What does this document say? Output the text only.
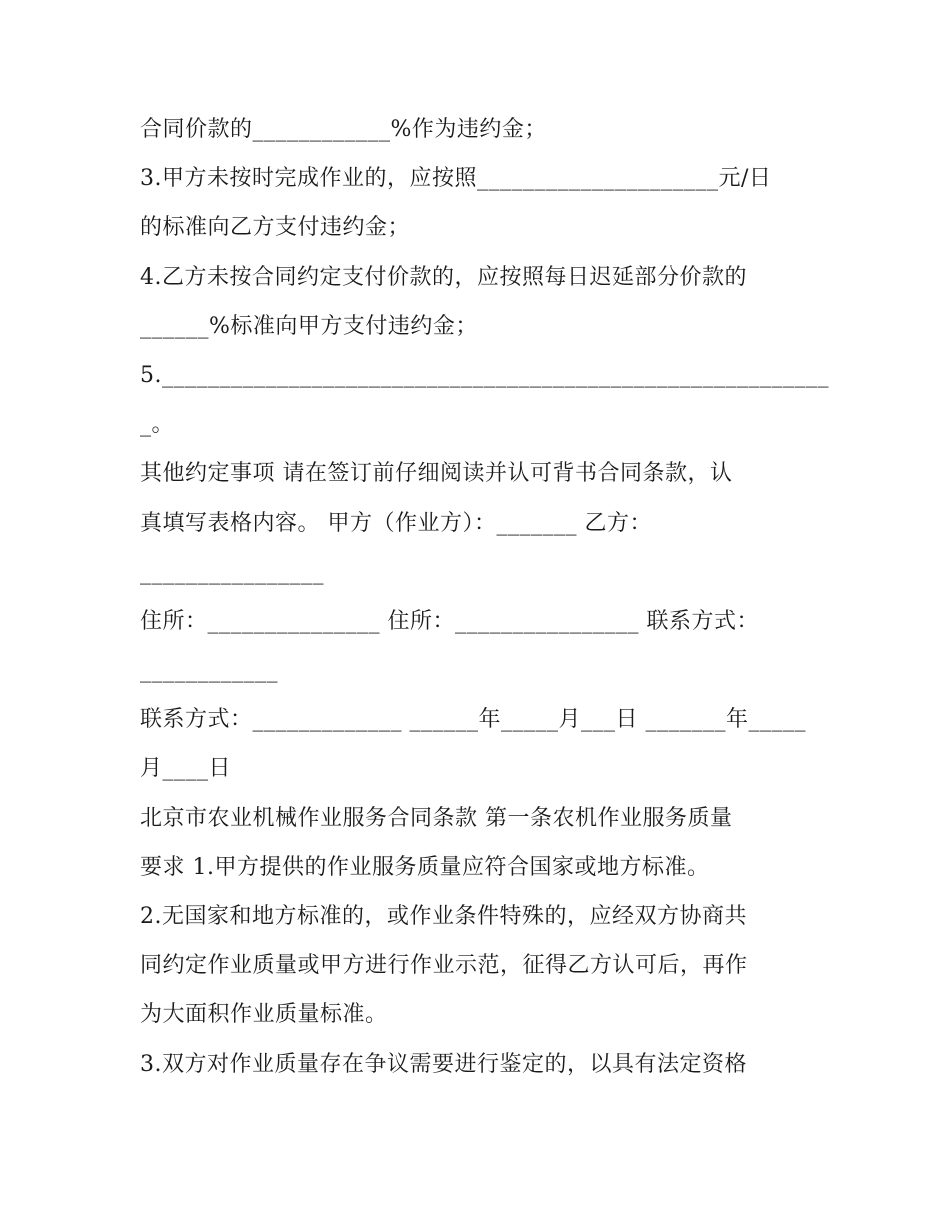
合同价款的____________%作为违约金；
3.甲方未按时完成作业的，应按照_____________________元/日
的标准向乙方支付违约金；
4.乙方未按合同约定支付价款的，应按照每日迟延部分价款的
______%标准向甲方支付违约金；
5.__________________________________________________________
_。
其他约定事项 请在签订前仔细阅读并认可背书合同条款，认
真填写表格内容。 甲方（作业方）：_______ 乙方：
________________
住所：_______________ 住所：________________ 联系方式：
____________
联系方式：_____________ ______年_____月___日 _______年_____
月____日
北京市农业机械作业服务合同条款 第一条农机作业服务质量
要求 1.甲方提供的作业服务质量应符合国家或地方标准。
2.无国家和地方标准的，或作业条件特殊的，应经双方协商共
同约定作业质量或甲方进行作业示范，征得乙方认可后，再作
为大面积作业质量标准。
3.双方对作业质量存在争议需要进行鉴定的，以具有法定资格
